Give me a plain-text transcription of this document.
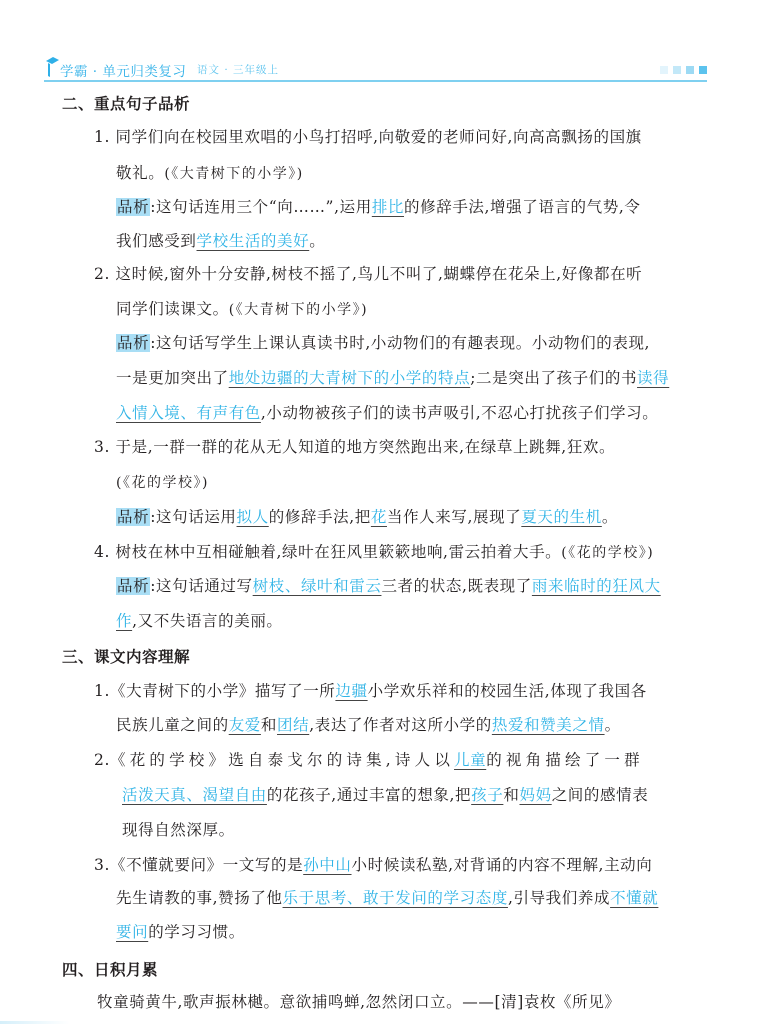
学霸 · 单元归类复习 语文 · 三年级上
二、重点句子品析
1. 同学们向在校园里欢唱的小鸟打招呼,向敬爱的老师问好,向高高飘扬的国旗
敬礼。(《大青树下的小学》)
品析:这句话连用三个“向……”,运用排比的修辞手法,增强了语言的气势,令
我们感受到学校生活的美好。
2. 这时候,窗外十分安静,树枝不摇了,鸟儿不叫了,蝴蝶停在花朵上,好像都在听
同学们读课文。(《大青树下的小学》)
品析:这句话写学生上课认真读书时,小动物们的有趣表现。小动物们的表现,
一是更加突出了地处边疆的大青树下的小学的特点;二是突出了孩子们的书读得
入情入境、有声有色,小动物被孩子们的读书声吸引,不忍心打扰孩子们学习。
3. 于是,一群一群的花从无人知道的地方突然跑出来,在绿草上跳舞,狂欢。
(《花的学校》)
品析:这句话运用拟人的修辞手法,把花当作人来写,展现了夏天的生机。
4. 树枝在林中互相碰触着,绿叶在狂风里簌簌地响,雷云拍着大手。(《花的学校》)
品析:这句话通过写树枝、绿叶和雷云三者的状态,既表现了雨来临时的狂风大
作,又不失语言的美丽。
三、课文内容理解
1.《大青树下的小学》描写了一所边疆小学欢乐祥和的校园生活,体现了我国各
民族儿童之间的友爱和团结,表达了作者对这所小学的热爱和赞美之情。
2.《花的学校》选自泰戈尔的诗集,诗人以儿童的视角描绘了一群
活泼天真、渴望自由的花孩子,通过丰富的想象,把孩子和妈妈之间的感情表
现得自然深厚。
3.《不懂就要问》一文写的是孙中山小时候读私塾,对背诵的内容不理解,主动向
先生请教的事,赞扬了他乐于思考、敢于发问的学习态度,引导我们养成不懂就
要问的学习习惯。
四、日积月累
牧童骑黄牛,歌声振林樾。意欲捕鸣蝉,忽然闭口立。——[清]袁枚《所见》
